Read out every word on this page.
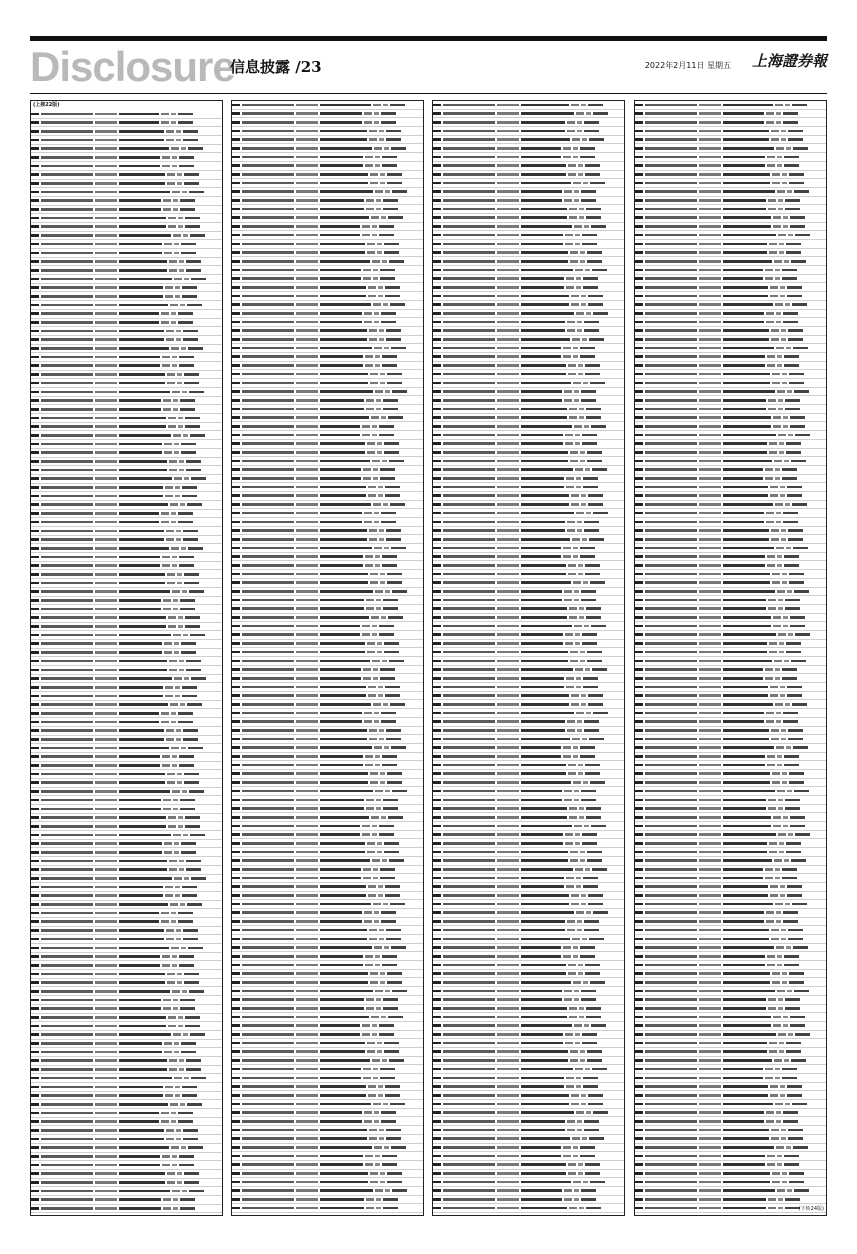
Disclosure
信息披露 /23	2022年2月11日 星期五 上海證券報
(上接22版)
(下转24版)
